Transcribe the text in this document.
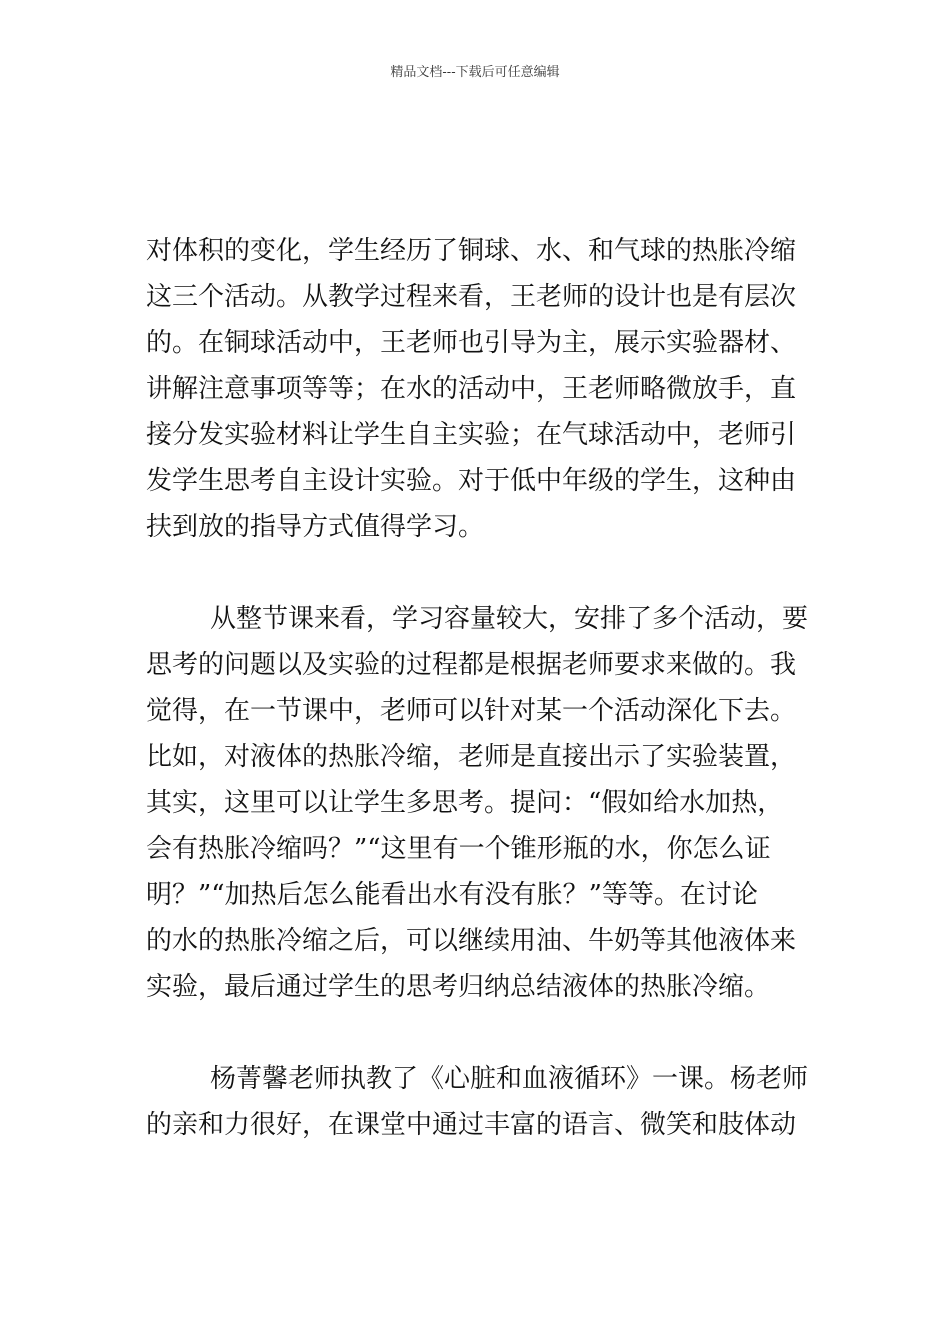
精品文档---下载后可任意编辑
对体积的变化，学生经历了铜球、水、和气球的热胀冷缩
这三个活动。从教学过程来看，王老师的设计也是有层次
的。在铜球活动中，王老师也引导为主，展示实验器材、
讲解注意事项等等；在水的活动中，王老师略微放手，直
接分发实验材料让学生自主实验；在气球活动中，老师引
发学生思考自主设计实验。对于低中年级的学生，这种由
扶到放的指导方式值得学习。
从整节课来看，学习容量较大，安排了多个活动，要
思考的问题以及实验的过程都是根据老师要求来做的。我
觉得，在一节课中，老师可以针对某一个活动深化下去。
比如，对液体的热胀冷缩，老师是直接出示了实验装置，
其实，这里可以让学生多思考。提问：“假如给水加热，
会有热胀冷缩吗？”“这里有一个锥形瓶的水，你怎么证
明？”“加热后怎么能看出水有没有胀？”等等。在讨论
的水的热胀冷缩之后，可以继续用油、牛奶等其他液体来
实验，最后通过学生的思考归纳总结液体的热胀冷缩。
杨菁馨老师执教了《心脏和血液循环》一课。杨老师
的亲和力很好，在课堂中通过丰富的语言、微笑和肢体动
